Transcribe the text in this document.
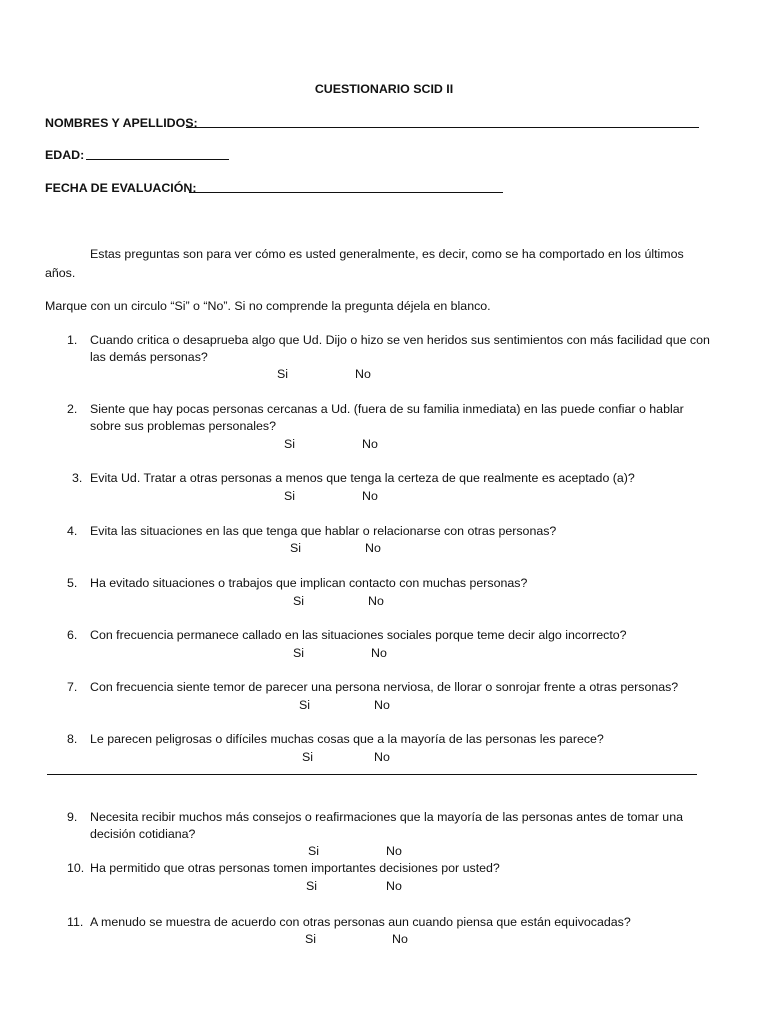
CUESTIONARIO SCID II
NOMBRES Y APELLIDOS:
EDAD:
FECHA DE EVALUACIÓN:
Estas preguntas son para ver cómo es usted generalmente, es decir, como se ha comportado en los últimos
años.
Marque con un circulo “Si” o “No”. Si no comprende la pregunta déjela en blanco.
1. Cuando critica o desaprueba algo que Ud. Dijo o hizo se ven heridos sus sentimientos con más facilidad que con
las demás personas?
Si	No
2. Siente que hay pocas personas cercanas a Ud. (fuera de su familia inmediata) en las puede confiar o hablar
sobre sus problemas personales?
Si	No
3. Evita Ud. Tratar a otras personas a menos que tenga la certeza de que realmente es aceptado (a)?
Si	No
4. Evita las situaciones en las que tenga que hablar o relacionarse con otras personas?
Si	No
5. Ha evitado situaciones o trabajos que implican contacto con muchas personas?
Si	No
6. Con frecuencia permanece callado en las situaciones sociales porque teme decir algo incorrecto?
Si	No
7. Con frecuencia siente temor de parecer una persona nerviosa, de llorar o sonrojar frente a otras personas?
Si	No
8. Le parecen peligrosas o difíciles muchas cosas que a la mayoría de las personas les parece?
Si	No
9. Necesita recibir muchos más consejos o reafirmaciones que la mayoría de las personas antes de tomar una
decisión cotidiana?
Si	No
10. Ha permitido que otras personas tomen importantes decisiones por usted?
Si	No
11. A menudo se muestra de acuerdo con otras personas aun cuando piensa que están equivocadas?
Si	No
